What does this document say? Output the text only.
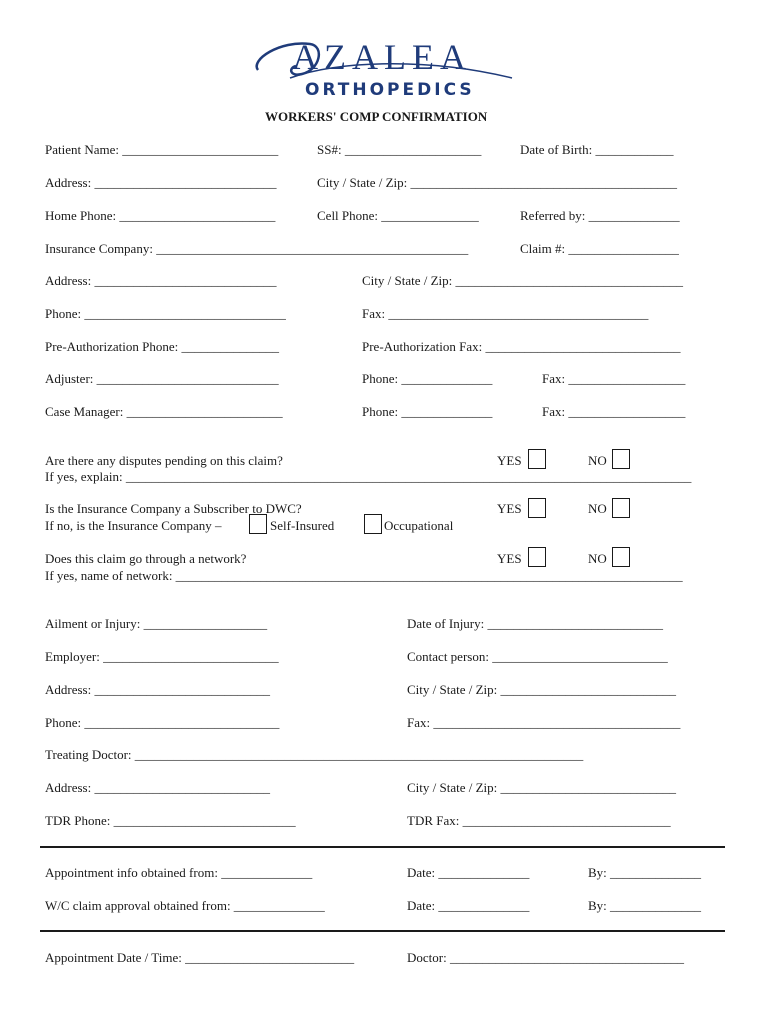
AZALEA
ORTHOPEDICS
WORKERS' COMP CONFIRMATION
Patient Name: ________________________	SS#: _____________________	Date of Birth: ____________
Address: ____________________________	City / State / Zip: _________________________________________
Home Phone: ________________________	Cell Phone: _______________	Referred by: ______________
Insurance Company: ________________________________________________	Claim #: _________________
Address: ____________________________	City / State / Zip: ___________________________________
Phone: _______________________________	Fax: ________________________________________
Pre-Authorization Phone: _______________	Pre-Authorization Fax: ______________________________
Adjuster: ____________________________	Phone: ______________	Fax: __________________
Case Manager: ________________________	Phone: ______________	Fax: __________________
Are there any disputes pending on this claim?	YES	NO
If yes, explain: _______________________________________________________________________________________
Is the Insurance Company a Subscriber to DWC?	YES	NO
If no, is the Insurance Company –	Self-Insured	Occupational
Does this claim go through a network?	YES	NO
If yes, name of network: ______________________________________________________________________________
Ailment or Injury: ___________________	Date of Injury: ___________________________
Employer: ___________________________	Contact person: ___________________________
Address: ___________________________	City / State / Zip: ___________________________
Phone: ______________________________	Fax: ______________________________________
Treating Doctor: _____________________________________________________________________
Address: ___________________________	City / State / Zip: ___________________________
TDR Phone: ____________________________	TDR Fax: ________________________________
Appointment info obtained from: ______________	Date: ______________	By: ______________
W/C claim approval obtained from: ______________	Date: ______________	By: ______________
Appointment Date / Time: __________________________	Doctor: ____________________________________
